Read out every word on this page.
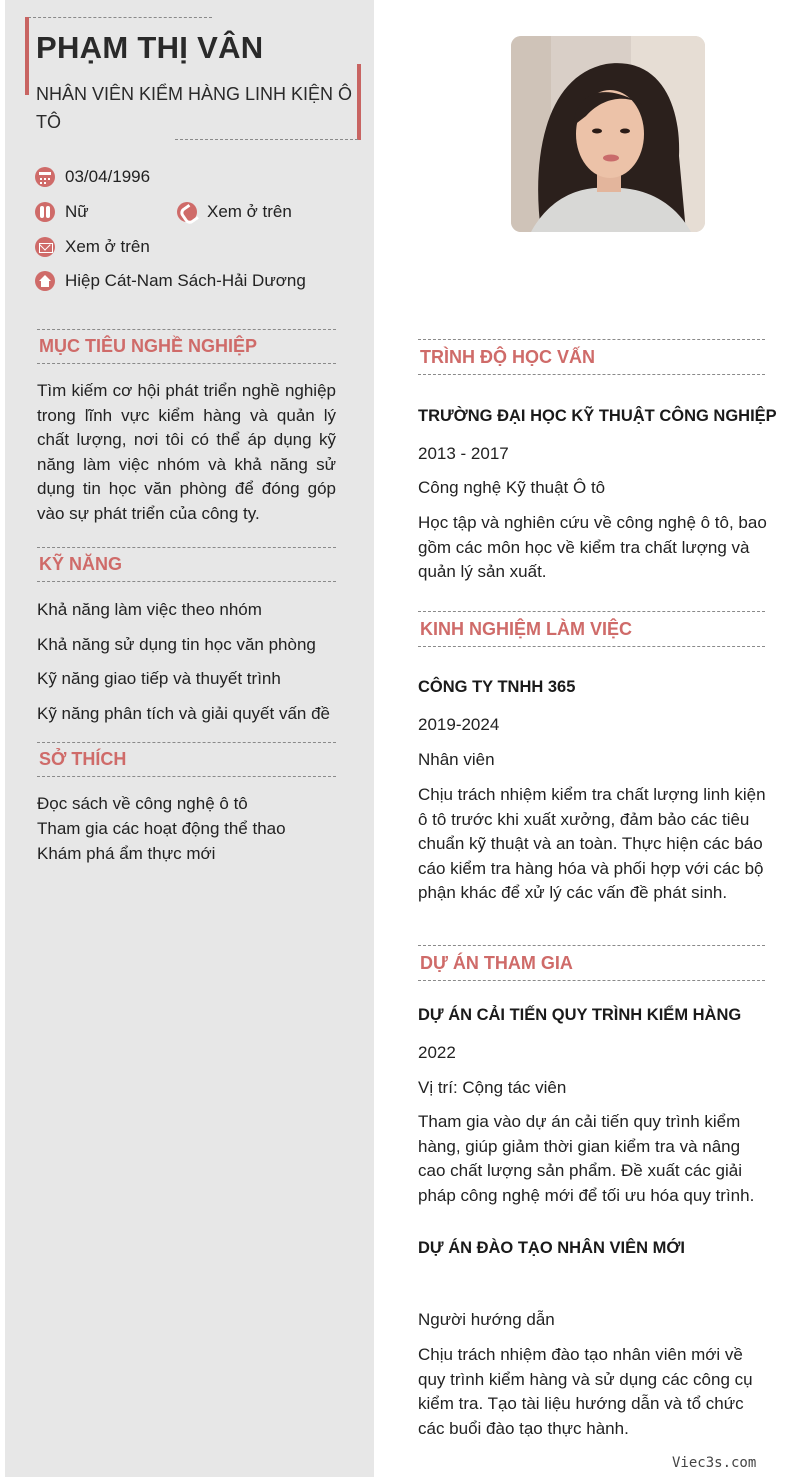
PHẠM THỊ VÂN
NHÂN VIÊN KIỂM HÀNG LINH KIỆN Ô TÔ
03/04/1996
Nữ	Xem ở trên
Xem ở trên
Hiệp Cát-Nam Sách-Hải Dương
MỤC TIÊU NGHỀ NGHIỆP
Tìm kiếm cơ hội phát triển nghề nghiệp trong lĩnh vực kiểm hàng và quản lý chất lượng, nơi tôi có thể áp dụng kỹ năng làm việc nhóm và khả năng sử dụng tin học văn phòng để đóng góp vào sự phát triển của công ty.
KỸ NĂNG
Khả năng làm việc theo nhóm
Khả năng sử dụng tin học văn phòng
Kỹ năng giao tiếp và thuyết trình
Kỹ năng phân tích và giải quyết vấn đề
SỞ THÍCH
Đọc sách về công nghệ ô tô
Tham gia các hoạt động thể thao
Khám phá ẩm thực mới
TRÌNH ĐỘ HỌC VẤN
TRƯỜNG ĐẠI HỌC KỸ THUẬT CÔNG NGHIỆP
2013 - 2017
Công nghệ Kỹ thuật Ô tô
Học tập và nghiên cứu về công nghệ ô tô, bao gồm các môn học về kiểm tra chất lượng và quản lý sản xuất.
KINH NGHIỆM LÀM VIỆC
CÔNG TY TNHH 365
2019-2024
Nhân viên
Chịu trách nhiệm kiểm tra chất lượng linh kiện ô tô trước khi xuất xưởng, đảm bảo các tiêu chuẩn kỹ thuật và an toàn. Thực hiện các báo cáo kiểm tra hàng hóa và phối hợp với các bộ phận khác để xử lý các vấn đề phát sinh.
DỰ ÁN THAM GIA
DỰ ÁN CẢI TIẾN QUY TRÌNH KIỂM HÀNG
2022
Vị trí: Cộng tác viên
Tham gia vào dự án cải tiến quy trình kiểm hàng, giúp giảm thời gian kiểm tra và nâng cao chất lượng sản phẩm. Đề xuất các giải pháp công nghệ mới để tối ưu hóa quy trình.
DỰ ÁN ĐÀO TẠO NHÂN VIÊN MỚI
Người hướng dẫn
Chịu trách nhiệm đào tạo nhân viên mới về quy trình kiểm hàng và sử dụng các công cụ kiểm tra. Tạo tài liệu hướng dẫn và tổ chức các buổi đào tạo thực hành.
Viec3s.com
